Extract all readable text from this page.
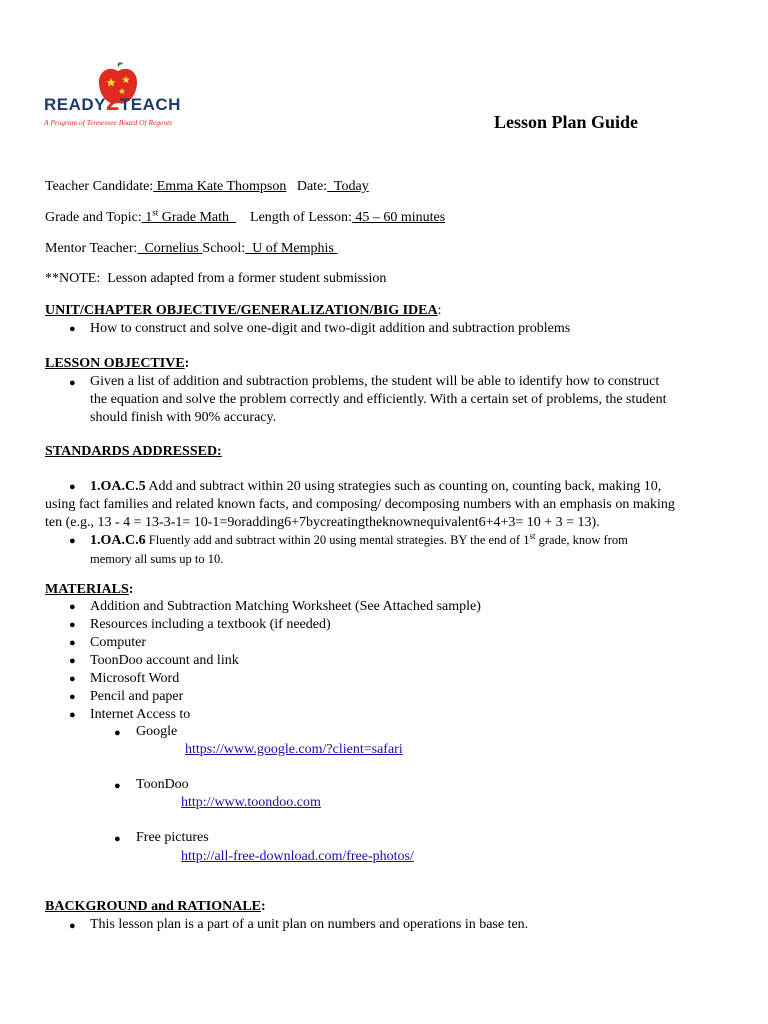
READY2TEACH
A Program of Tennessee Board Of Regents	Lesson Plan Guide
Teacher Candidate: Emma Kate Thompson Date:  Today
Grade and Topic: 1st Grade Math      Length of Lesson: 45 – 60 minutes
Mentor Teacher:  Cornelius School:  U of Memphis
**NOTE:  Lesson adapted from a former student submission
UNIT/CHAPTER OBJECTIVE/GENERALIZATION/BIG IDEA:
● How to construct and solve one-digit and two-digit addition and subtraction problems
LESSON OBJECTIVE:
● Given a list of addition and subtraction problems, the student will be able to identify how to construct
the equation and solve the problem correctly and efficiently. With a certain set of problems, the student
should finish with 90% accuracy.
STANDARDS ADDRESSED:
●	1.OA.C.5 Add and subtract within 20 using strategies such as counting on, counting back, making 10,
using fact families and related known facts, and composing/ decomposing numbers with an emphasis on making
ten (e.g., 13 - 4 = 13-3-1= 10-1=9oradding6+7bycreatingtheknownequivalent6+4+3= 10 + 3 = 13).
● 1.OA.C.6 Fluently add and subtract within 20 using mental strategies. BY the end of 1st grade, know from
memory all sums up to 10.
MATERIALS:
● Addition and Subtraction Matching Worksheet (See Attached sample)
● Resources including a textbook (if needed)
● Computer
● ToonDoo account and link
● Microsoft Word
● Pencil and paper
● Internet Access to
● Google
https://www.google.com/?client=safari
● ToonDoo
http://www.toondoo.com
● Free pictures
http://all-free-download.com/free-photos/
BACKGROUND and RATIONALE:
● This lesson plan is a part of a unit plan on numbers and operations in base ten.
